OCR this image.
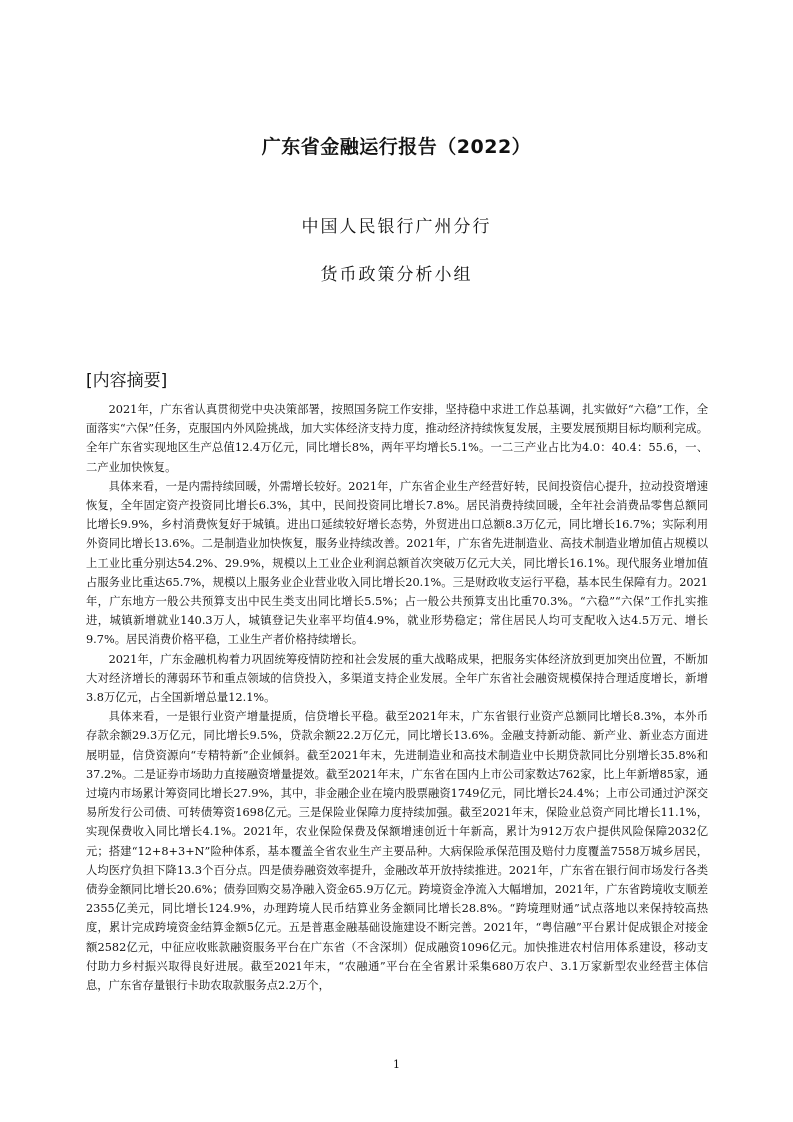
广东省金融运行报告（2022）
中国人民银行广州分行
货币政策分析小组
[内容摘要]

2021年，广东省认真贯彻党中央决策部署，按照国务院工作安排，坚持稳中求进工作总基调，扎实做好“六稳”工作，全面落实“六保”任务，克服国内外风险挑战，加大实体经济支持力度，推动经济持续恢复发展，主要发展预期目标均顺利完成。全年广东省实现地区生产总值12.4万亿元，同比增长8%，两年平均增长5.1%。一二三产业占比为4.0：40.4：55.6，一、二产业加快恢复。

具体来看，一是内需持续回暖，外需增长较好。2021年，广东省企业生产经营好转，民间投资信心提升，拉动投资增速恢复，全年固定资产投资同比增长6.3%，其中，民间投资同比增长7.8%。居民消费持续回暖，全年社会消费品零售总额同比增长9.9%，乡村消费恢复好于城镇。进出口延续较好增长态势，外贸进出口总额8.3万亿元，同比增长16.7%；实际利用外资同比增长13.6%。二是制造业加快恢复，服务业持续改善。2021年，广东省先进制造业、高技术制造业增加值占规模以上工业比重分别达54.2%、29.9%，规模以上工业企业利润总额首次突破万亿元大关，同比增长16.1%。现代服务业增加值占服务业比重达65.7%，规模以上服务业企业营业收入同比增长20.1%。三是财政收支运行平稳，基本民生保障有力。2021年，广东地方一般公共预算支出中民生类支出同比增长5.5%；占一般公共预算支出比重70.3%。“六稳”“六保”工作扎实推进，城镇新增就业140.3万人，城镇登记失业率平均值4.9%，就业形势稳定；常住居民人均可支配收入达4.5万元、增长9.7%。居民消费价格平稳，工业生产者价格持续增长。

2021年，广东金融机构着力巩固统筹疫情防控和社会发展的重大战略成果，把服务实体经济放到更加突出位置，不断加大对经济增长的薄弱环节和重点领域的信贷投入，多渠道支持企业发展。全年广东省社会融资规模保持合理适度增长，新增3.8万亿元，占全国新增总量12.1%。

具体来看，一是银行业资产增量提质，信贷增长平稳。截至2021年末，广东省银行业资产总额同比增长8.3%，本外币存款余额29.3万亿元，同比增长9.5%，贷款余额22.2万亿元，同比增长13.6%。金融支持新动能、新产业、新业态方面进展明显，信贷资源向“专精特新”企业倾斜。截至2021年末，先进制造业和高技术制造业中长期贷款同比分别增长35.8%和37.2%。二是证券市场助力直接融资增量提效。截至2021年末，广东省在国内上市公司家数达762家，比上年新增85家，通过境内市场累计筹资同比增长27.9%，其中，非金融企业在境内股票融资1749亿元，同比增长24.4%；上市公司通过沪深交易所发行公司债、可转债筹资1698亿元。三是保险业保障力度持续加强。截至2021年末，保险业总资产同比增长11.1%，实现保费收入同比增长4.1%。2021年，农业保险保费及保额增速创近十年新高，累计为912万农户提供风险保障2032亿元；搭建“12+8+3+N”险种体系，基本覆盖全省农业生产主要品种。大病保险承保范围及赔付力度覆盖7558万城乡居民，人均医疗负担下降13.3个百分点。四是债券融资效率提升，金融改革开放持续推进。2021年，广东省在银行间市场发行各类债券金额同比增长20.6%；债券回购交易净融入资金65.9万亿元。跨境资金净流入大幅增加，2021年，广东省跨境收支顺差2355亿美元，同比增长124.9%，办理跨境人民币结算业务金额同比增长28.8%。“跨境理财通”试点落地以来保持较高热度，累计完成跨境资金结算金额5亿元。五是普惠金融基础设施建设不断完善。2021年，“粤信融”平台累计促成银企对接金额2582亿元，中征应收账款融资服务平台在广东省（不含深圳）促成融资1096亿元。加快推进农村信用体系建设，移动支付助力乡村振兴取得良好进展。截至2021年末，“农融通”平台在全省累计采集680万农户、3.1万家新型农业经营主体信息，广东省存量银行卡助农取款服务点2.2万个，

1
